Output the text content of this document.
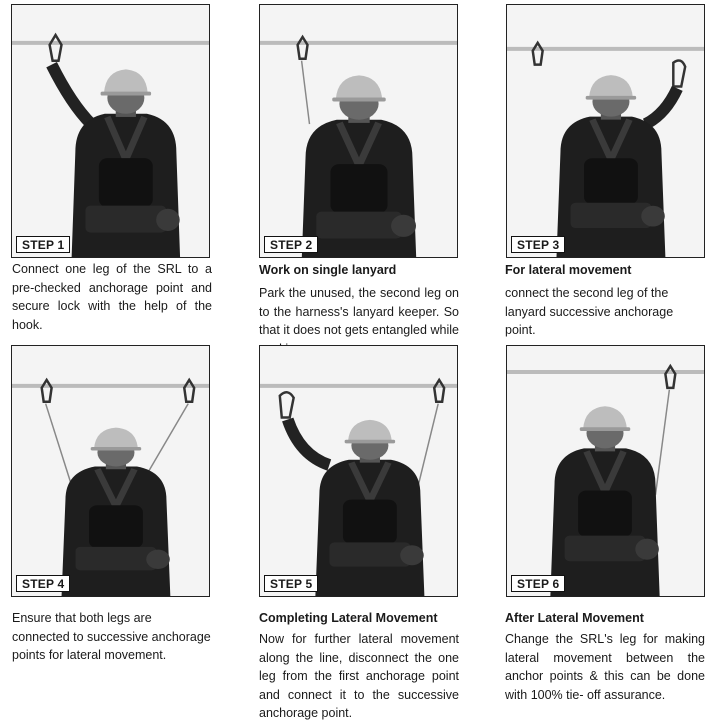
STEP 1
Connect one leg of the SRL to a pre-checked anchorage point and secure lock with the help of the hook.
STEP 2
Work on single lanyard
Park the unused, the second leg on to the harness's lanyard keeper. So that it does not gets entangled while
STEP 3
For lateral movement
connect the second leg of the lanyard successive anchorage point.
STEP 4
Ensure that both legs are connected to successive anchorage points for lateral movement.
STEP 5
Completing Lateral Movement
Now for further lateral movement along the line, disconnect the one leg from the first anchorage point and connect it to the successive anchorage point.
STEP 6
After Lateral Movement
Change the SRL's leg for making lateral movement between the anchor points & this can be done with 100% tie- off assurance.
